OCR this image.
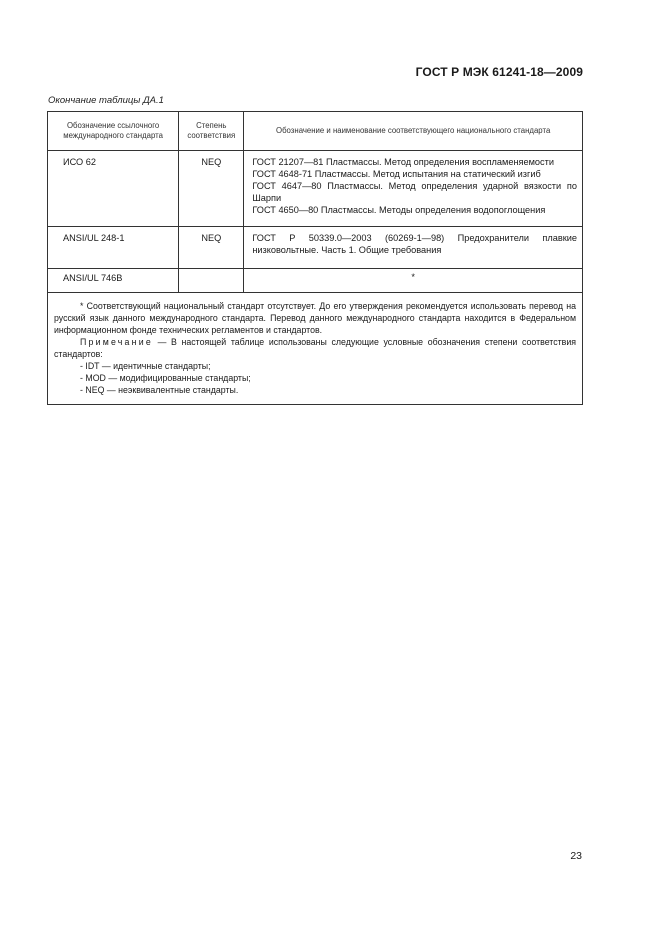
ГОСТ Р МЭК 61241-18—2009
Окончание таблицы ДА.1
Обозначение ссылочного международного стандарта	Степень соответствия	Обозначение и наименование соответствующего национального стандарта
ИСО 62	NEQ	ГОСТ 21207—81 Пластмассы. Метод определения воспламеняемости
ГОСТ 4648-71 Пластмассы. Метод испытания на статический изгиб
ГОСТ 4647—80 Пластмассы. Метод определения ударной вязкости по Шарпи
ГОСТ 4650—80 Пластмассы. Методы определения водопоглощения

ANSI/UL 248-1	NEQ	ГОСТ Р 50339.0—2003 (60269-1—98) Предохранители плавкие низковольтные. Часть 1. Общие требования

ANSI/UL 746B		*

* Соответствующий национальный стандарт отсутствует. До его утверждения рекомендуется использовать перевод на русский язык данного международного стандарта. Перевод данного международного стандарта находится в Федеральном информационном фонде технических регламентов и стандартов.

Примечание — В настоящей таблице использованы следующие условные обозначения степени соответствия стандартов:

- IDT — идентичные стандарты;

- MOD — модифицированные стандарты;

- NEQ — неэквивалентные стандарты.		

23
